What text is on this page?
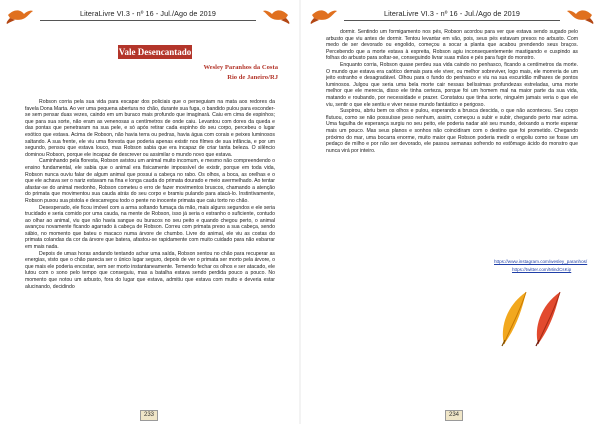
LiteraLivre VI.3 - nº 16 - Jul./Ago de 2019
Vale Desencantado
Wesley Paranhos da Costa
Rio de Janeiro/RJ

Robson corria pela sua vida para escapar dos policiais que o perseguiam na mata aos redores da favela Dona Marta. Ao ver uma pequena abertura no chão, durante sua fuga, o bandido pulou para esconder-se sem pensar duas vezes, caindo em um buraco mais profundo que imaginará. Caiu em cima de espinhos; que para sua sorte, não eram as venenosas a centímetros de onde caiu. Levantou com dores da queda e das pontas que penetraram na sua pele, e só após retirar cada espinho do seu corpo, percebeu o lugar exótico que estava. Acima de Robson, não havia terra ou pedras, havia água com corais e peixes luminosos saltando. A sua frente, ele viu uma floresta que poderia apenas existir nos filmes de sua infância, e por um segundo, pensou que estava louco, mas Robson sabia que era incapaz de criar tanta beleza. O silêncio dominou Robson, porque ele incapaz de descrever ou assimilar o mundo novo que estava.

Caminhando pela floresta, Robson avistou um animal muito incomum, e mesmo não compreendendo o ensino fundamental, ele sabia que o animal era fisicamente impossível de existir, porque em toda vida, Robson nunca ouviu falar de algum animal que possui a cabeça no rabo. Os olhos, a boca, as orelhas e o que ele achava ser o nariz estavam na fina e longa cauda do primata dourado e meio avermelhado. Ao tentar afastar-se do animal medonho, Robson cometeu o erro de fazer movimentos bruscos, chamando a atenção do primata que movimentou sua cauda atrás do seu corpo e bramiu pulando para atacá-lo. Instintivamente, Robson puxou sua pistola e descarregou todo o pente no inocente primata que caiu torto no chão.

Desesperado, ele ficou imóvel com a arma soltando fumaça da mão, mais alguns segundos e ele seria trucidado e seria comido por uma cauda, na mente de Robson, isso já seria o estranho o suficiente, contudo ao olhar ao animal, viu que não havia sangue ou buracos no seu peito e quando chegou perto, o animal avançou novamente ficando agarrado à cabeça de Robson. Correu com primata preso a sua cabeça, sendo sábio, no momento que bateu o macaco numa árvore de chumbo. Livre do animal, ele viu as costas do primata colandas da cor da árvore que batera, afastou-se rapidamente com muito cuidado para não esbarrar em mais nada.

Depois de umas horas andando tentando achar uma saída, Robson sentou no chão para recuperar as energias, visto que o chão parecia ser o único lugar seguro, depois de ver o primata ser morto pela árvore, o que mais ele poderia encostar, sem ser morto instantaneamente. Temendo fechar os olhos e ser atacado, ele lutou com o sono pelo tempo que conseguiu, mas a batalha estava sendo perdida pouco a pouco. No momento que notou um arbusto, fora do lugar que estava, admitiu que estava com muito e deveria estar alucinando, decidindo

233
LiteraLivre VI.3 - nº 16 - Jul./Ago de 2019

dormir. Sentindo um formigamento nos pés, Robson acordou para ver que estava sendo sugado pelo arbusto que viu antes de dormir. Tentou levantar em vão, pois, seus pés estavam presos no arbusto. Com medo de ser devorado ou engolido, começou a socar a planta que acabou prendendo seus braços. Percebendo que a morte estava à espreita, Robson agiu inconsequentemente mastigando e cuspindo as folhas do arbusto para soltar-se, conseguindo livrar suas mãos e pés para fugir do monstro.

Enquanto corria, Robson quase perdeu sua vida caindo no penhasco, ficando a centímetros da morte. O mundo que estava era caótico demais para ele viver, ou melhor sobreviver, logo mais, ele morreria de um jeito estranho e desagradável. Olhou para o fundo do penhasco e viu na sua escuridão milhares de pontos luminosos. Julgou que seria uma bela morte cair nessas belíssimas profundezas estreladas, uma morte melhor que ele merecia, disso ele tinha certeza, porque foi um homem mal na maior parte da sua vida, matando e roubando, por necessidade e prazer. Constatou que tinha sorte, ninguém jamais veria o que ele viu, sentir o que ele sentiu e viver nesse mundo fantástico e perigoso.

Suspirou, abriu bem os olhos e pulou, esperando a brusca descida, o que não aconteceu. Seu corpo flutuou, como se não possuísse peso nenhum, assim, começou a subir e subir, chegando perto mar acima. Uma fagulha de esperança surgiu no seu peito, ele poderia nadar até seu mundo, deixando a morte esperar mais um pouco. Mas seus planos e sonhos não coincidiram com o destino que foi prometido. Chegando próximo do mar, uma bocarra enorme, muito maior que Robson poderia medir o engoliu como se fosse um pedaço de milho e por não ser devorado, ele passou semanas sofrendo no estômago ácido do monstro que nunca virá por inteiro.

https://www.instagram.com/wesley_paranhos/
https://twitter.com/MindCsKip
234
